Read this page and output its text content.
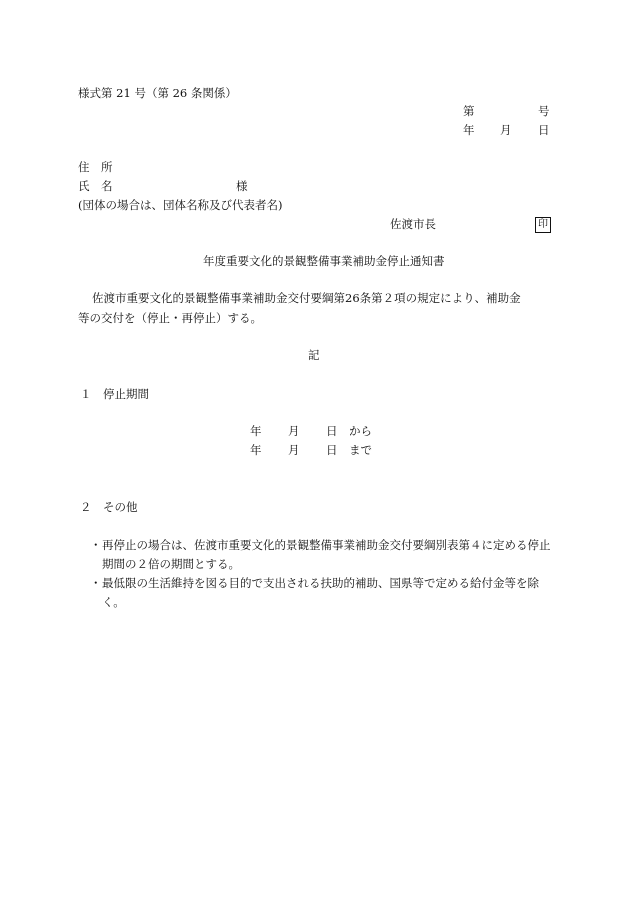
様式第 21 号（第 26 条関係）
第	号
年 月 日
住　所
氏　名	様
(団体の場合は、団体名称及び代表者名)
佐渡市長	印
年度重要文化的景観整備事業補助金停止通知書
佐渡市重要文化的景観整備事業補助金交付要綱第26条第２項の規定により、補助金
等の交付を（停止・再停止）する。
記
１　停止期間
年 月 日 から
年 月 日 まで
２　その他
・ 再停止の場合は、佐渡市重要文化的景観整備事業補助金交付要綱別表第４に定める停止期間の２倍の期間とする。
・ 最低限の生活維持を図る目的で支出される扶助的補助、国県等で定める給付金等を除く。
